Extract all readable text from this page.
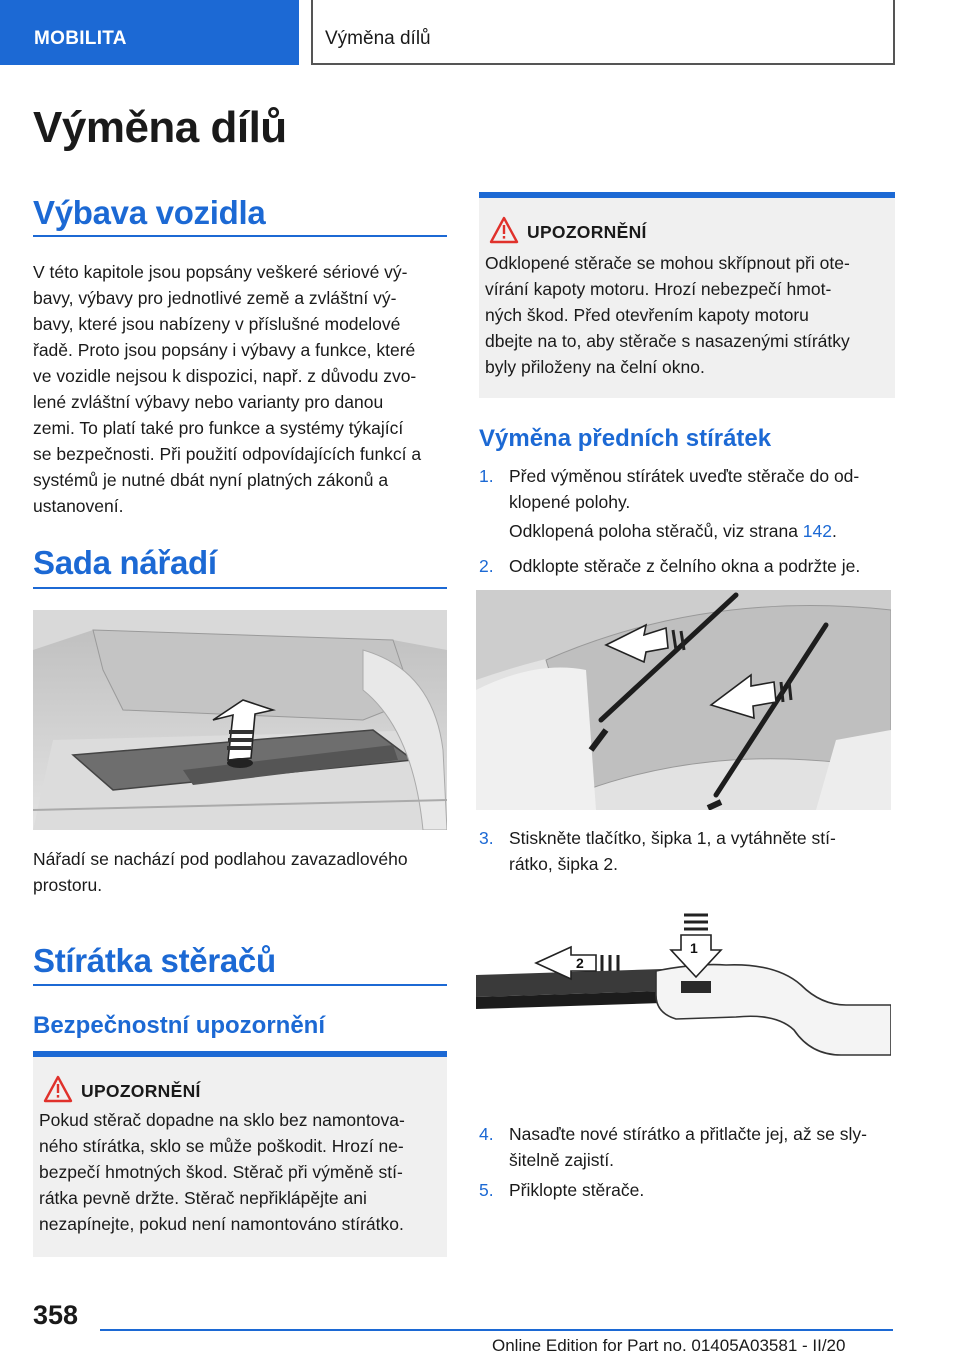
MOBILITA	Výměna dílů
Výměna dílů
Výbava vozidla
V této kapitole jsou popsány veškeré sériové vý‐
bavy, výbavy pro jednotlivé země a zvláštní vý‐
bavy, které jsou nabízeny v příslušné modelové
řadě. Proto jsou popsány i výbavy a funkce, které
ve vozidle nejsou k dispozici, např. z důvodu zvo‐
lené zvláštní výbavy nebo varianty pro danou
zemi. To platí také pro funkce a systémy týkající
se bezpečnosti. Při použití odpovídajících funkcí a
systémů je nutné dbát nyní platných zákonů a
ustanovení.
Sada nářadí
Nářadí se nachází pod podlahou zavazadlového
prostoru.
Stírátka stěračů
Bezpečnostní upozornění
UPOZORNĚNÍ
Pokud stěrač dopadne na sklo bez namontova‐
ného stírátka, sklo se může poškodit. Hrozí ne‐
bezpečí hmotných škod. Stěrač při výměně stí‐
rátka pevně držte. Stěrač nepřiklápějte ani
nezapínejte, pokud není namontováno stírátko.
UPOZORNĚNÍ
Odklopené stěrače se mohou skřípnout při ote‐
vírání kapoty motoru. Hrozí nebezpečí hmot‐
ných škod. Před otevřením kapoty motoru
dbejte na to, aby stěrače s nasazenými stírátky
byly přiloženy na čelní okno.
Výměna předních stírátek
1. Před výměnou stírátek uveďte stěrače do od‐
klopené polohy.
Odklopená poloha stěračů, viz strana 142.
2. Odklopte stěrače z čelního okna a podržte je.
3. Stiskněte tlačítko, šipka 1, a vytáhněte stí‐
rátko, šipka 2.
2
1
4. Nasaďte nové stírátko a přitlačte jej, až se sly‐
šitelně zajistí.
5. Přiklopte stěrače.
358
Online Edition for Part no. 01405A03581 - II/20
